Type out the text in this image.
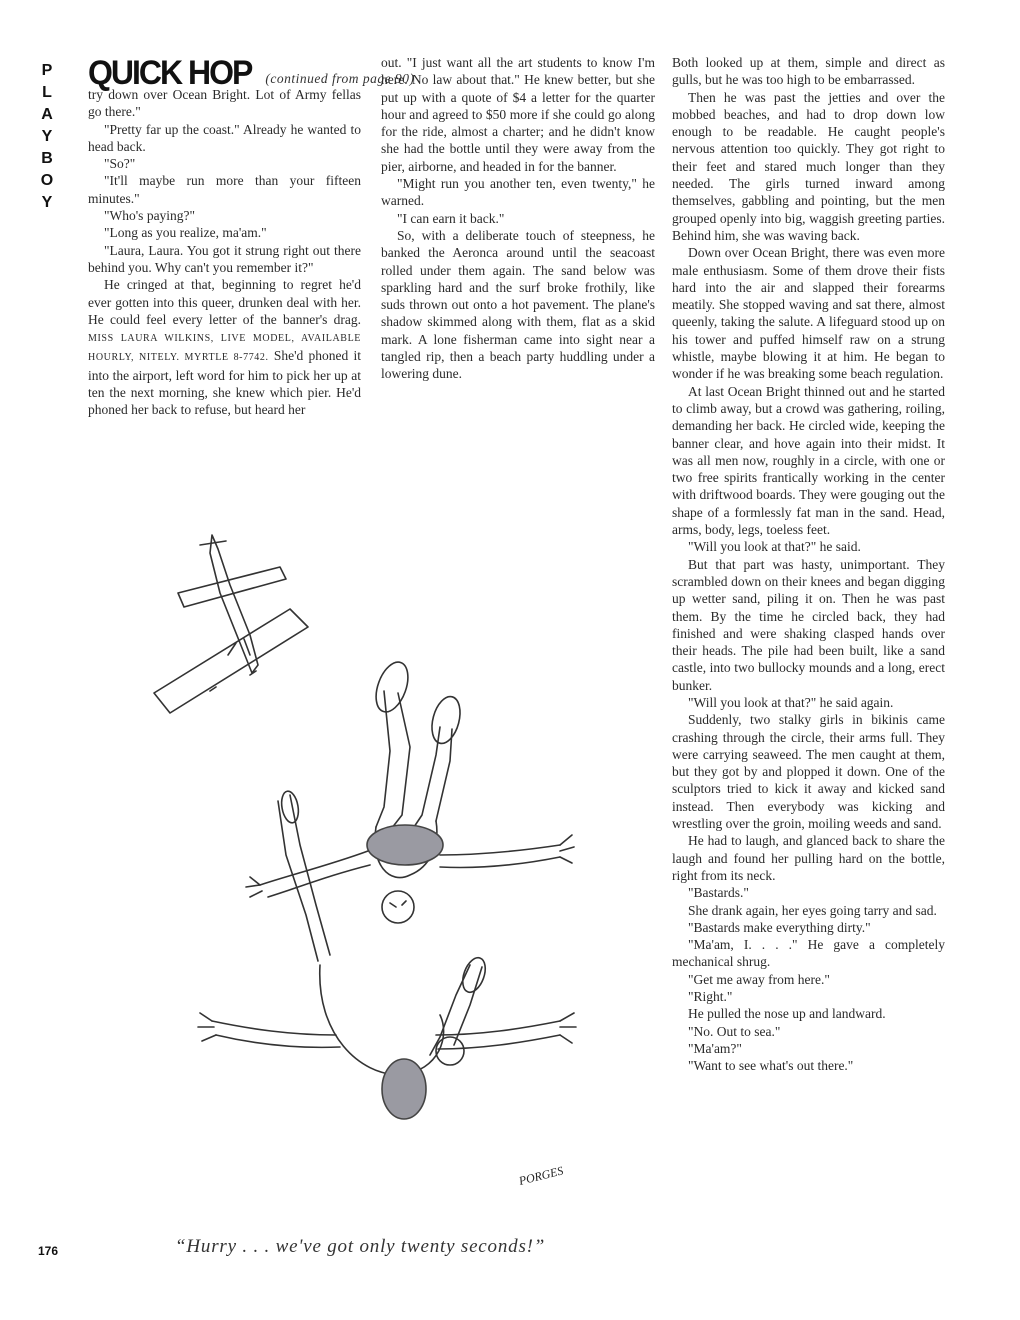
P
L
A
Y
B
O
Y
QUICK HOP (continued from page 90)

try down over Ocean Bright. Lot of Army fellas go there."

"Pretty far up the coast." Already he wanted to head back.

"So?"

"It'll maybe run more than your fifteen minutes."

"Who's paying?"

"Long as you realize, ma'am."

"Laura, Laura. You got it strung right out there behind you. Why can't you remember it?"

He cringed at that, beginning to regret he'd ever gotten into this queer, drunken deal with her. He could feel every letter of the banner's drag. MISS LAURA WILKINS, LIVE MODEL, AVAILABLE HOURLY, NITELY. MYRTLE 8-7742. She'd phoned it into the airport, left word for him to pick her up at ten the next morning, she knew which pier. He'd phoned her back to refuse, but heard her

out. "I just want all the art students to know I'm here. No law about that." He knew better, but she put up with a quote of $4 a letter for the quarter hour and agreed to $50 more if she could go along for the ride, almost a charter; and he didn't know she had the bottle until they were away from the pier, airborne, and headed in for the banner.

"Might run you another ten, even twenty," he warned.

"I can earn it back."

So, with a deliberate touch of steepness, he banked the Aeronca around until the seacoast rolled under them again. The sand below was sparkling hard and the surf broke frothily, like suds thrown out onto a hot pavement. The plane's shadow skimmed along with them, flat as a skid mark. A lone fisherman came into sight near a tangled rip, then a beach party huddling under a lowering dune.

Both looked up at them, simple and direct as gulls, but he was too high to be embarrassed.

Then he was past the jetties and over the mobbed beaches, and had to drop down low enough to be readable. He caught people's nervous attention too quickly. They got right to their feet and stared much longer than they needed. The girls turned inward among themselves, gabbling and pointing, but the men grouped openly into big, waggish greeting parties. Behind him, she was waving back.

Down over Ocean Bright, there was even more male enthusiasm. Some of them drove their fists hard into the air and slapped their forearms meatily. She stopped waving and sat there, almost queenly, taking the salute. A lifeguard stood up on his tower and puffed himself raw on a strung whistle, maybe blowing it at him. He began to wonder if he was breaking some beach regulation.

At last Ocean Bright thinned out and he started to climb away, but a crowd was gathering, roiling, demanding her back. He circled wide, keeping the banner clear, and hove again into their midst. It was all men now, roughly in a circle, with one or two free spirits frantically working in the center with driftwood boards. They were gouging out the shape of a formlessly fat man in the sand. Head, arms, body, legs, toeless feet.

"Will you look at that?" he said.

But that part was hasty, unimportant. They scrambled down on their knees and began digging up wetter sand, piling it on. Then he was past them. By the time he circled back, they had finished and were shaking clasped hands over their heads. The pile had been built, like a sand castle, into two bullocky mounds and a long, erect bunker.

"Will you look at that?" he said again.

Suddenly, two stalky girls in bikinis came crashing through the circle, their arms full. They were carrying seaweed. The men caught at them, but they got by and plopped it down. One of the sculptors tried to kick it away and kicked sand instead. Then everybody was kicking and wrestling over the groin, moiling weeds and sand.

He had to laugh, and glanced back to share the laugh and found her pulling hard on the bottle, right from its neck.

"Bastards."

She drank again, her eyes going tarry and sad.

"Bastards make everything dirty."

"Ma'am, I. . . ." He gave a completely mechanical shrug.

"Get me away from here."

"Right."

He pulled the nose up and landward.

"No. Out to sea."

"Ma'am?"

"Want to see what's out there."

PORGES
176	“Hurry . . . we've got only twenty seconds!”
